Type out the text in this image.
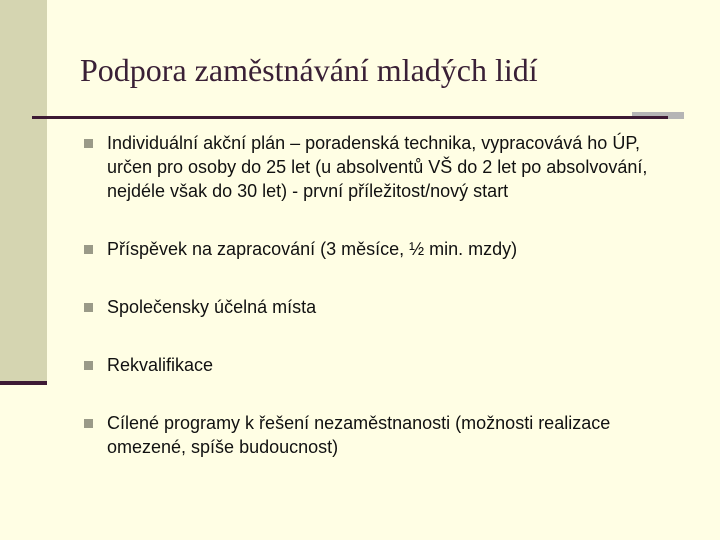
Podpora zaměstnávání mladých lidí
Individuální akční plán – poradenská technika, vypracovává ho ÚP, určen pro osoby do 25 let (u absolventů VŠ do 2 let po absolvování, nejdéle však do 30 let) - první příležitost/nový start
Příspěvek na zapracování (3 měsíce, ½ min. mzdy)
Společensky účelná místa
Rekvalifikace
Cílené programy k řešení nezaměstnanosti (možnosti realizace omezené, spíše budoucnost)
